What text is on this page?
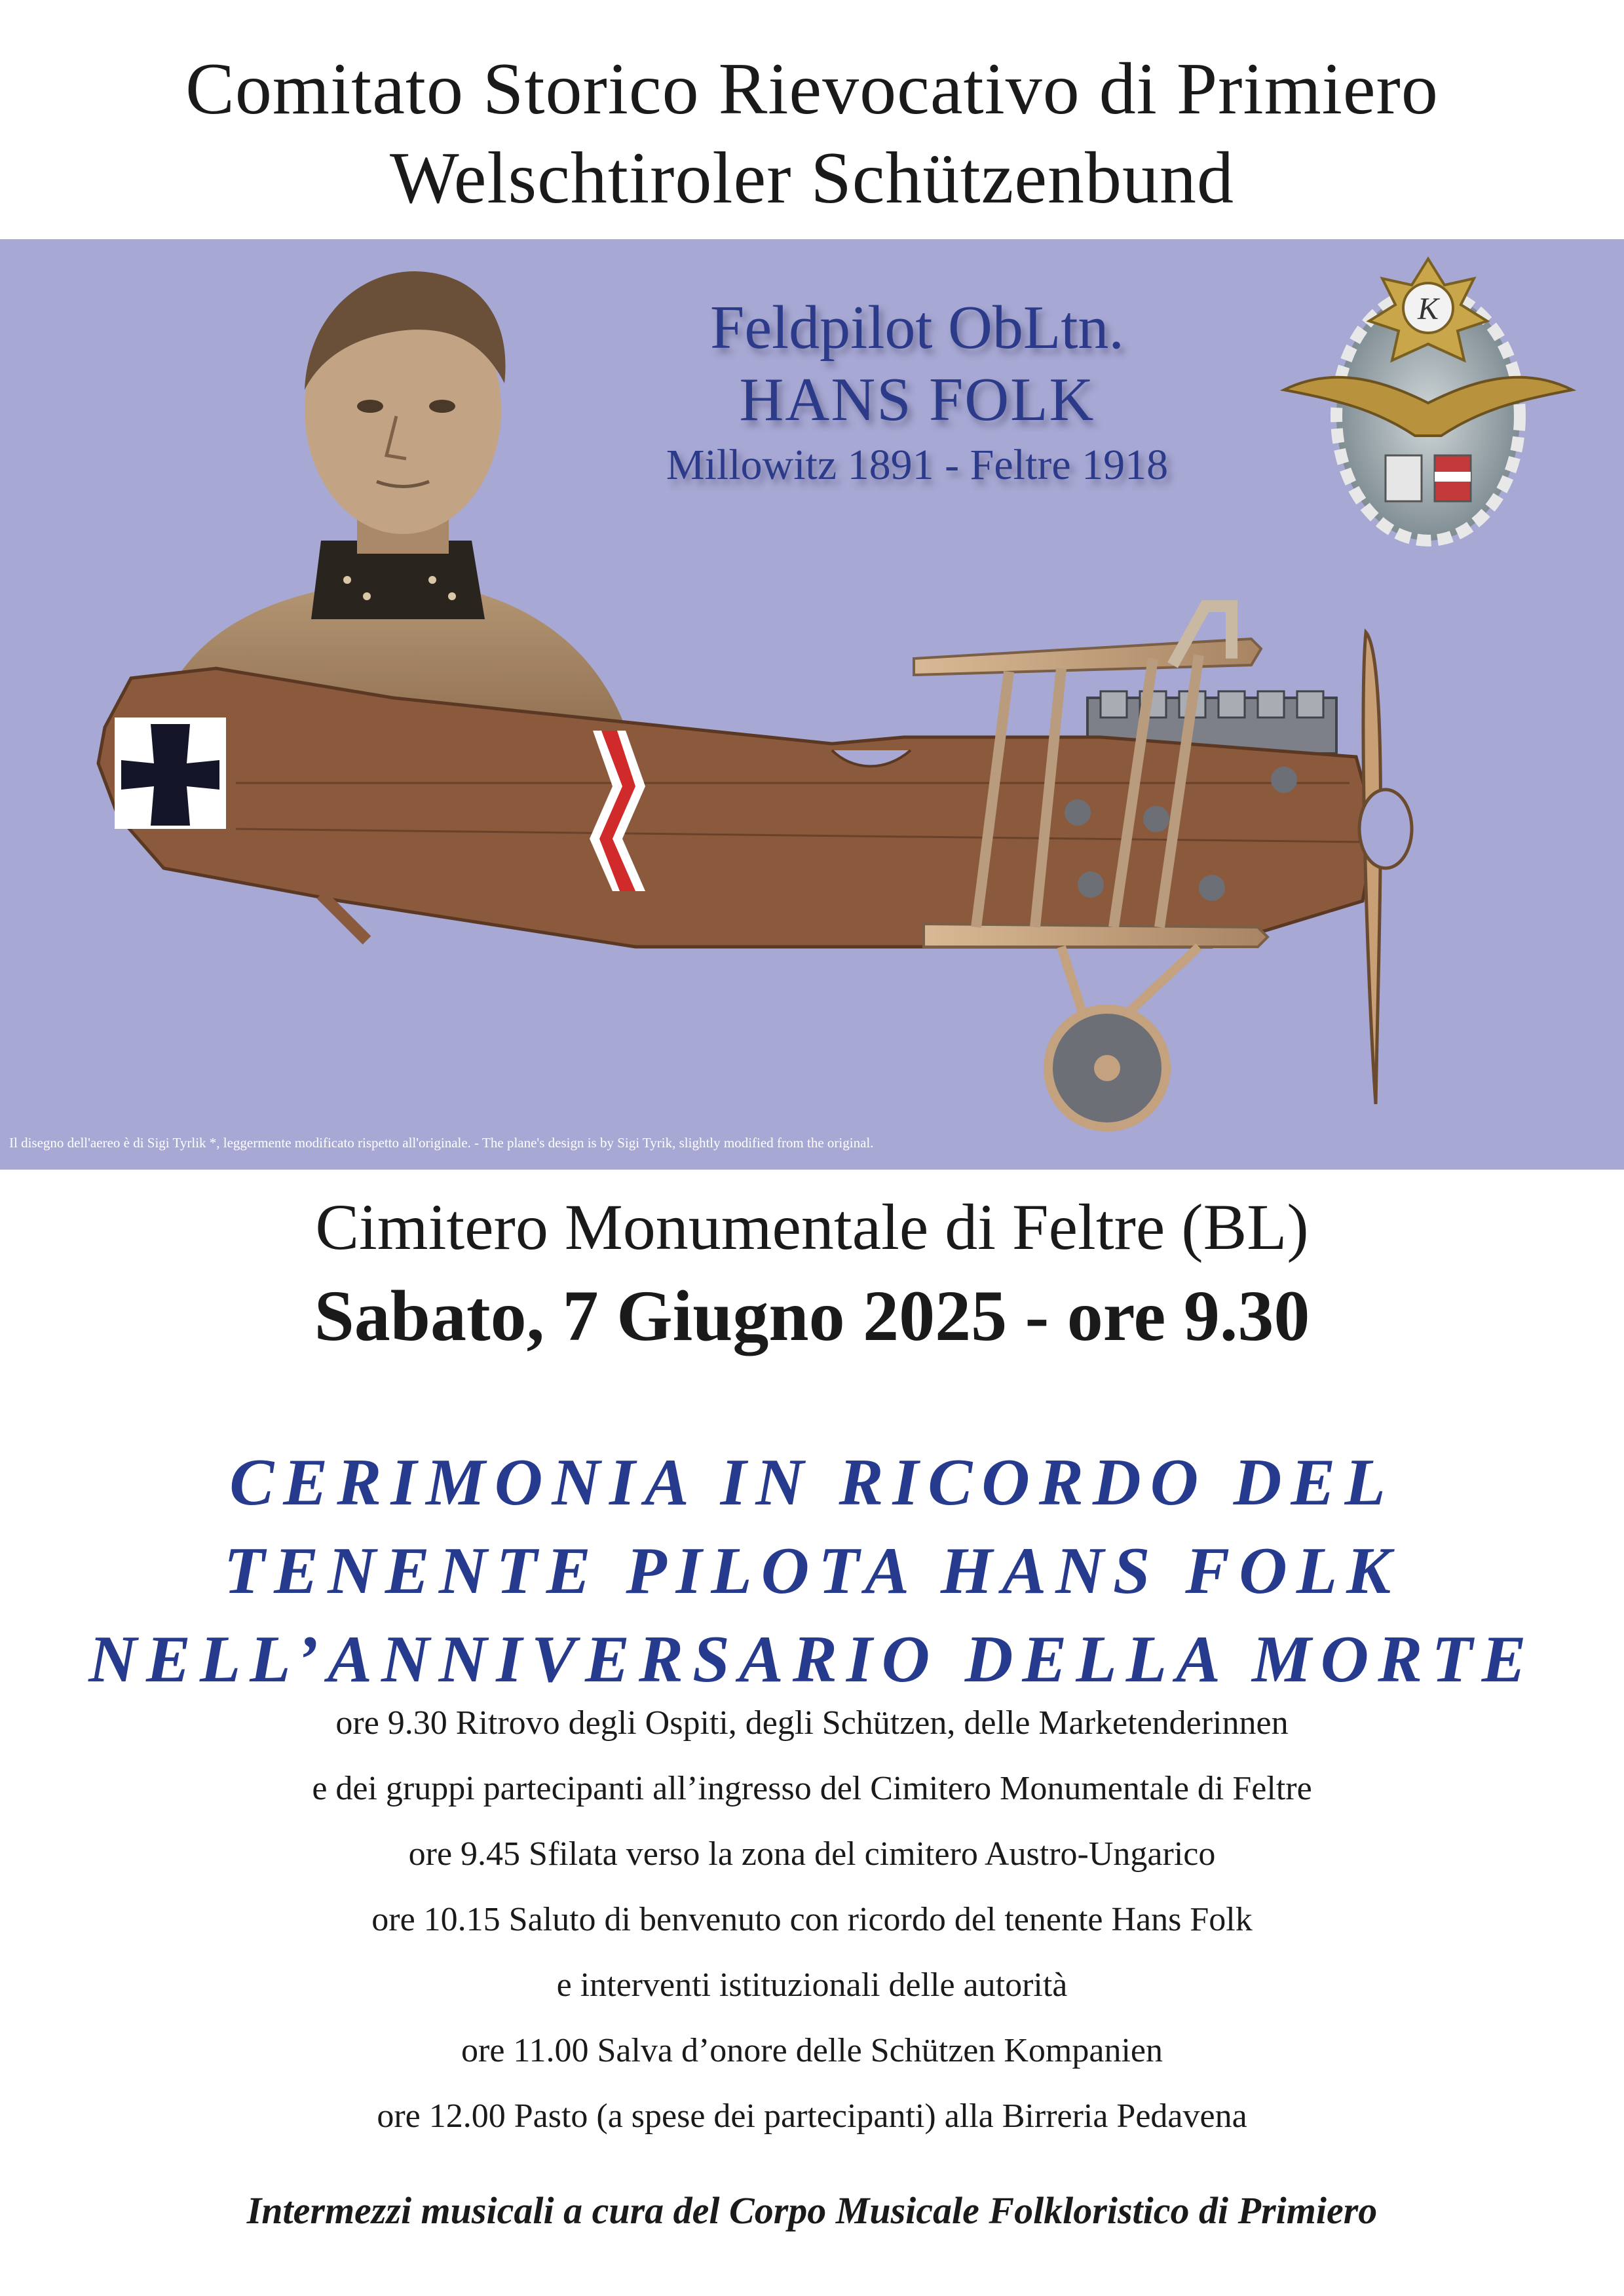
Comitato Storico Rievocativo di Primiero
Welschtiroler Schützenbund
K
Feldpilot ObLtn.
HANS FOLK
Millowitz 1891 - Feltre 1918
Il disegno dell'aereo è di Sigi Tyrlik *, leggermente modificato rispetto all'originale. - The plane's design is by Sigi Tyrik, slightly modified from the original.
Cimitero Monumentale di Feltre (BL)
Sabato, 7 Giugno 2025 - ore 9.30
CERIMONIA IN RICORDO DEL
TENENTE PILOTA HANS FOLK
NELL’ANNIVERSARIO DELLA MORTE
ore 9.30 Ritrovo degli Ospiti, degli Schützen, delle Marketenderinnen
e dei gruppi partecipanti all’ingresso del Cimitero Monumentale di Feltre
ore 9.45 Sfilata verso la zona del cimitero Austro-Ungarico
ore 10.15 Saluto di benvenuto con ricordo del tenente Hans Folk
e interventi istituzionali delle autorità
ore 11.00 Salva d’onore delle Schützen Kompanien
ore 12.00 Pasto (a spese dei partecipanti) alla Birreria Pedavena
Intermezzi musicali a cura del Corpo Musicale Folkloristico di Primiero
